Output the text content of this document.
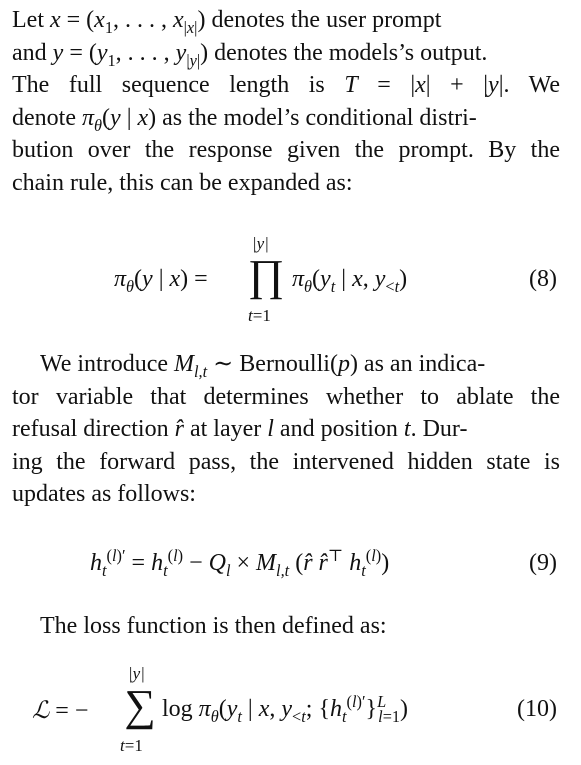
Let $x = (x_1$, . . . , $x_{|x|}$) denotes the user prompt
and $y = (y_1$, . . . , $y_{|y|}$) denotes the models’s output.
The full sequence length is T = |x| + |y|. We
denote $\pi_\theta(y$ | x) as the model’s conditional distri-
bution over the response given the prompt. By the
chain rule, this can be expanded as:
$\pi_\theta(y$ | x) =
|y|
∏
t=1
$\pi_\theta(y_t$ | x, $y_{<t}$)	(8)
We introduce $M_{l,t}$ ∼ Bernoulli(p) as an indica-
tor variable that determines whether to ablate the
refusal direction r̂ at layer l and position t. Dur-
ing the forward pass, the intervened hidden state is
updates as follows:
$h_t^{(l)'} = h_t^{(l)} - Q_l \times M_{l,t}$ (r̂ r̂⊤ $h_t^{(l)}$)	(9)
The loss function is then defined as:
ℒ = −
|y|
∑
t=1
$\log \pi_\theta(y_t$ | x, $y_{<t}$; $\{h_t^{(l)'}\}^L_{l=1}$)	(10)
